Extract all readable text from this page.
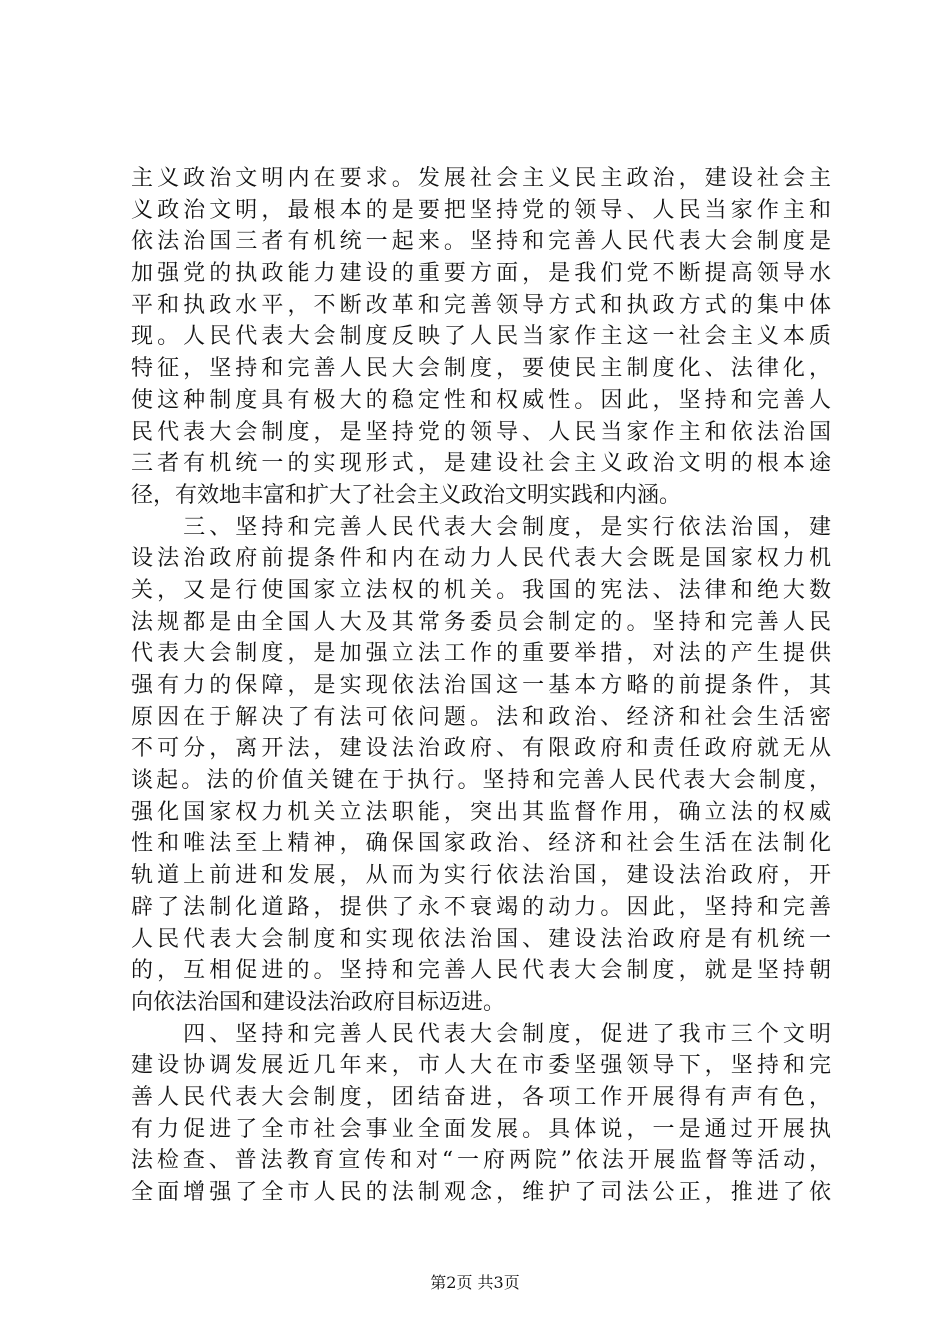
主义政治文明内在要求。发展社会主义民主政治，建设社会主
义政治文明，最根本的是要把坚持党的领导、人民当家作主和
依法治国三者有机统一起来。坚持和完善人民代表大会制度是
加强党的执政能力建设的重要方面，是我们党不断提高领导水
平和执政水平，不断改革和完善领导方式和执政方式的集中体
现。人民代表大会制度反映了人民当家作主这一社会主义本质
特征，坚持和完善人民大会制度，要使民主制度化、法律化，
使这种制度具有极大的稳定性和权威性。因此，坚持和完善人
民代表大会制度，是坚持党的领导、人民当家作主和依法治国
三者有机统一的实现形式，是建设社会主义政治文明的根本途
径，有效地丰富和扩大了社会主义政治文明实践和内涵。
　　三、坚持和完善人民代表大会制度，是实行依法治国，建
设法治政府前提条件和内在动力人民代表大会既是国家权力机
关，又是行使国家立法权的机关。我国的宪法、法律和绝大数
法规都是由全国人大及其常务委员会制定的。坚持和完善人民
代表大会制度，是加强立法工作的重要举措，对法的产生提供
强有力的保障，是实现依法治国这一基本方略的前提条件，其
原因在于解决了有法可依问题。法和政治、经济和社会生活密
不可分，离开法，建设法治政府、有限政府和责任政府就无从
谈起。法的价值关键在于执行。坚持和完善人民代表大会制度，
强化国家权力机关立法职能，突出其监督作用，确立法的权威
性和唯法至上精神，确保国家政治、经济和社会生活在法制化
轨道上前进和发展，从而为实行依法治国，建设法治政府，开
辟了法制化道路，提供了永不衰竭的动力。因此，坚持和完善
人民代表大会制度和实现依法治国、建设法治政府是有机统一
的，互相促进的。坚持和完善人民代表大会制度，就是坚持朝
向依法治国和建设法治政府目标迈进。
　　四、坚持和完善人民代表大会制度，促进了我市三个文明
建设协调发展近几年来，市人大在市委坚强领导下，坚持和完
善人民代表大会制度，团结奋进，各项工作开展得有声有色，
有力促进了全市社会事业全面发展。具体说，一是通过开展执
法检查、普法教育宣传和对“一府两院”依法开展监督等活动，
全面增强了全市人民的法制观念，维护了司法公正，推进了依
第2页 共3页
